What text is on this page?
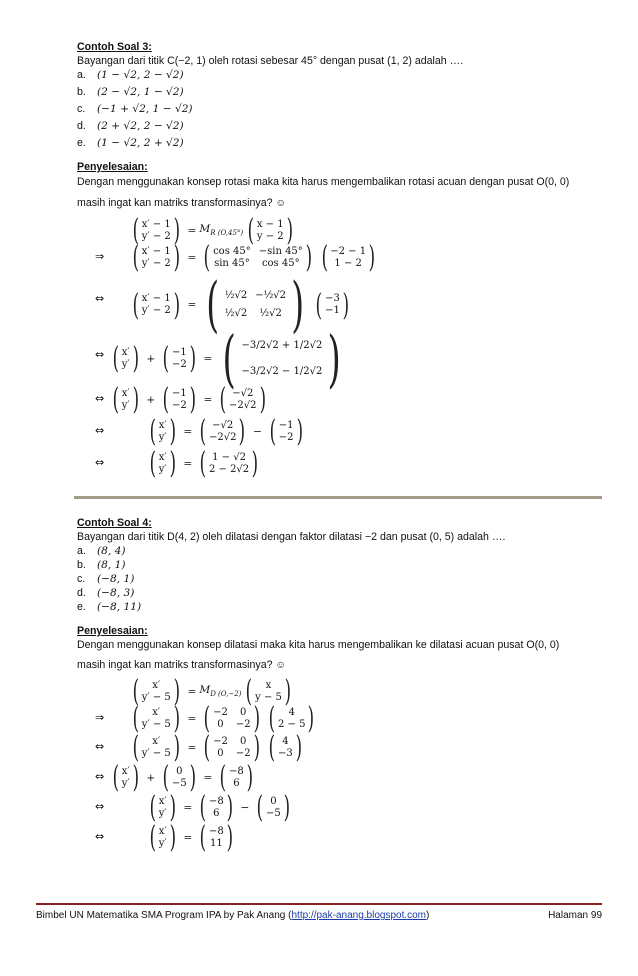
Contoh Soal 3:
Bayangan dari titik C(−2, 1) oleh rotasi sebesar 45° dengan pusat (1, 2) adalah ….
a. (1 − √2, 2 − √2)
b. (2 − √2, 1 − √2)
c. (−1 + √2, 1 − √2)
d. (2 + √2, 2 − √2)
e. (1 − √2, 2 + √2)
Penyelesaian:
Dengan menggunakan konsep rotasi maka kita harus mengembalikan rotasi acuan dengan pusat O(0, 0)
masih ingat kan matriks transformasinya? ☺
( x′ − 1
y′ − 2 ) = $M_{R (O,45^\circ)}$ ( x − 1
y − 2 )
⇒ ( x′ − 1
y′ − 2 ) = ( cos 45° −sin 45°
sin 45°	cos 45° ) ( −2 − 1
1 − 2 )
⇔ ( x′ − 1
y′ − 2 ) = ( ½√2 −½√2
½√2	½√2 ) ( −3
−1 )
⇔ ( x′
y′ ) + ( −1
−2 ) = ( −3/2√2 + 1/2√2
−3/2√2 − 1/2√2 )
⇔ ( x′
y′ ) + ( −1
−2 ) = ( −√2
−2√2 )
⇔ ( x′
y′ ) = ( −√2
−2√2 ) − ( −1
−2 )
⇔ ( x′
y′ ) = ( 1 − √2
2 − 2√2 )
Contoh Soal 4:
Bayangan dari titik D(4, 2) oleh dilatasi dengan faktor dilatasi −2 dan pusat (0, 5) adalah ….
a. (8, 4)
b. (8, 1)
c. (−8, 1)
d. (−8, 3)
e. (−8, 11)
Penyelesaian:
Dengan menggunakan konsep dilatasi maka kita harus mengembalikan ke dilatasi acuan pusat O(0, 0)
masih ingat kan matriks transformasinya? ☺
( x′
y′ − 5 ) = $M_{D (O,-2)}$ ( x
y − 5 )
⇒ ( x′
y′ − 5 ) = ( −2	0
0	−2 ) ( 4
2 − 5 )
⇔ ( x′
y′ − 5 ) = ( −2	0
0	−2 ) ( 4
−3 )
⇔ ( x′
y′ ) + ( 0
−5 ) = ( −8
6 )
⇔ ( x′
y′ ) = ( −8
6 ) − ( 0
−5 )
⇔ ( x′
y′ ) = ( −8
11 )
Bimbel UN Matematika SMA Program IPA by Pak Anang (http://pak-anang.blogspot.com)	Halaman 99
